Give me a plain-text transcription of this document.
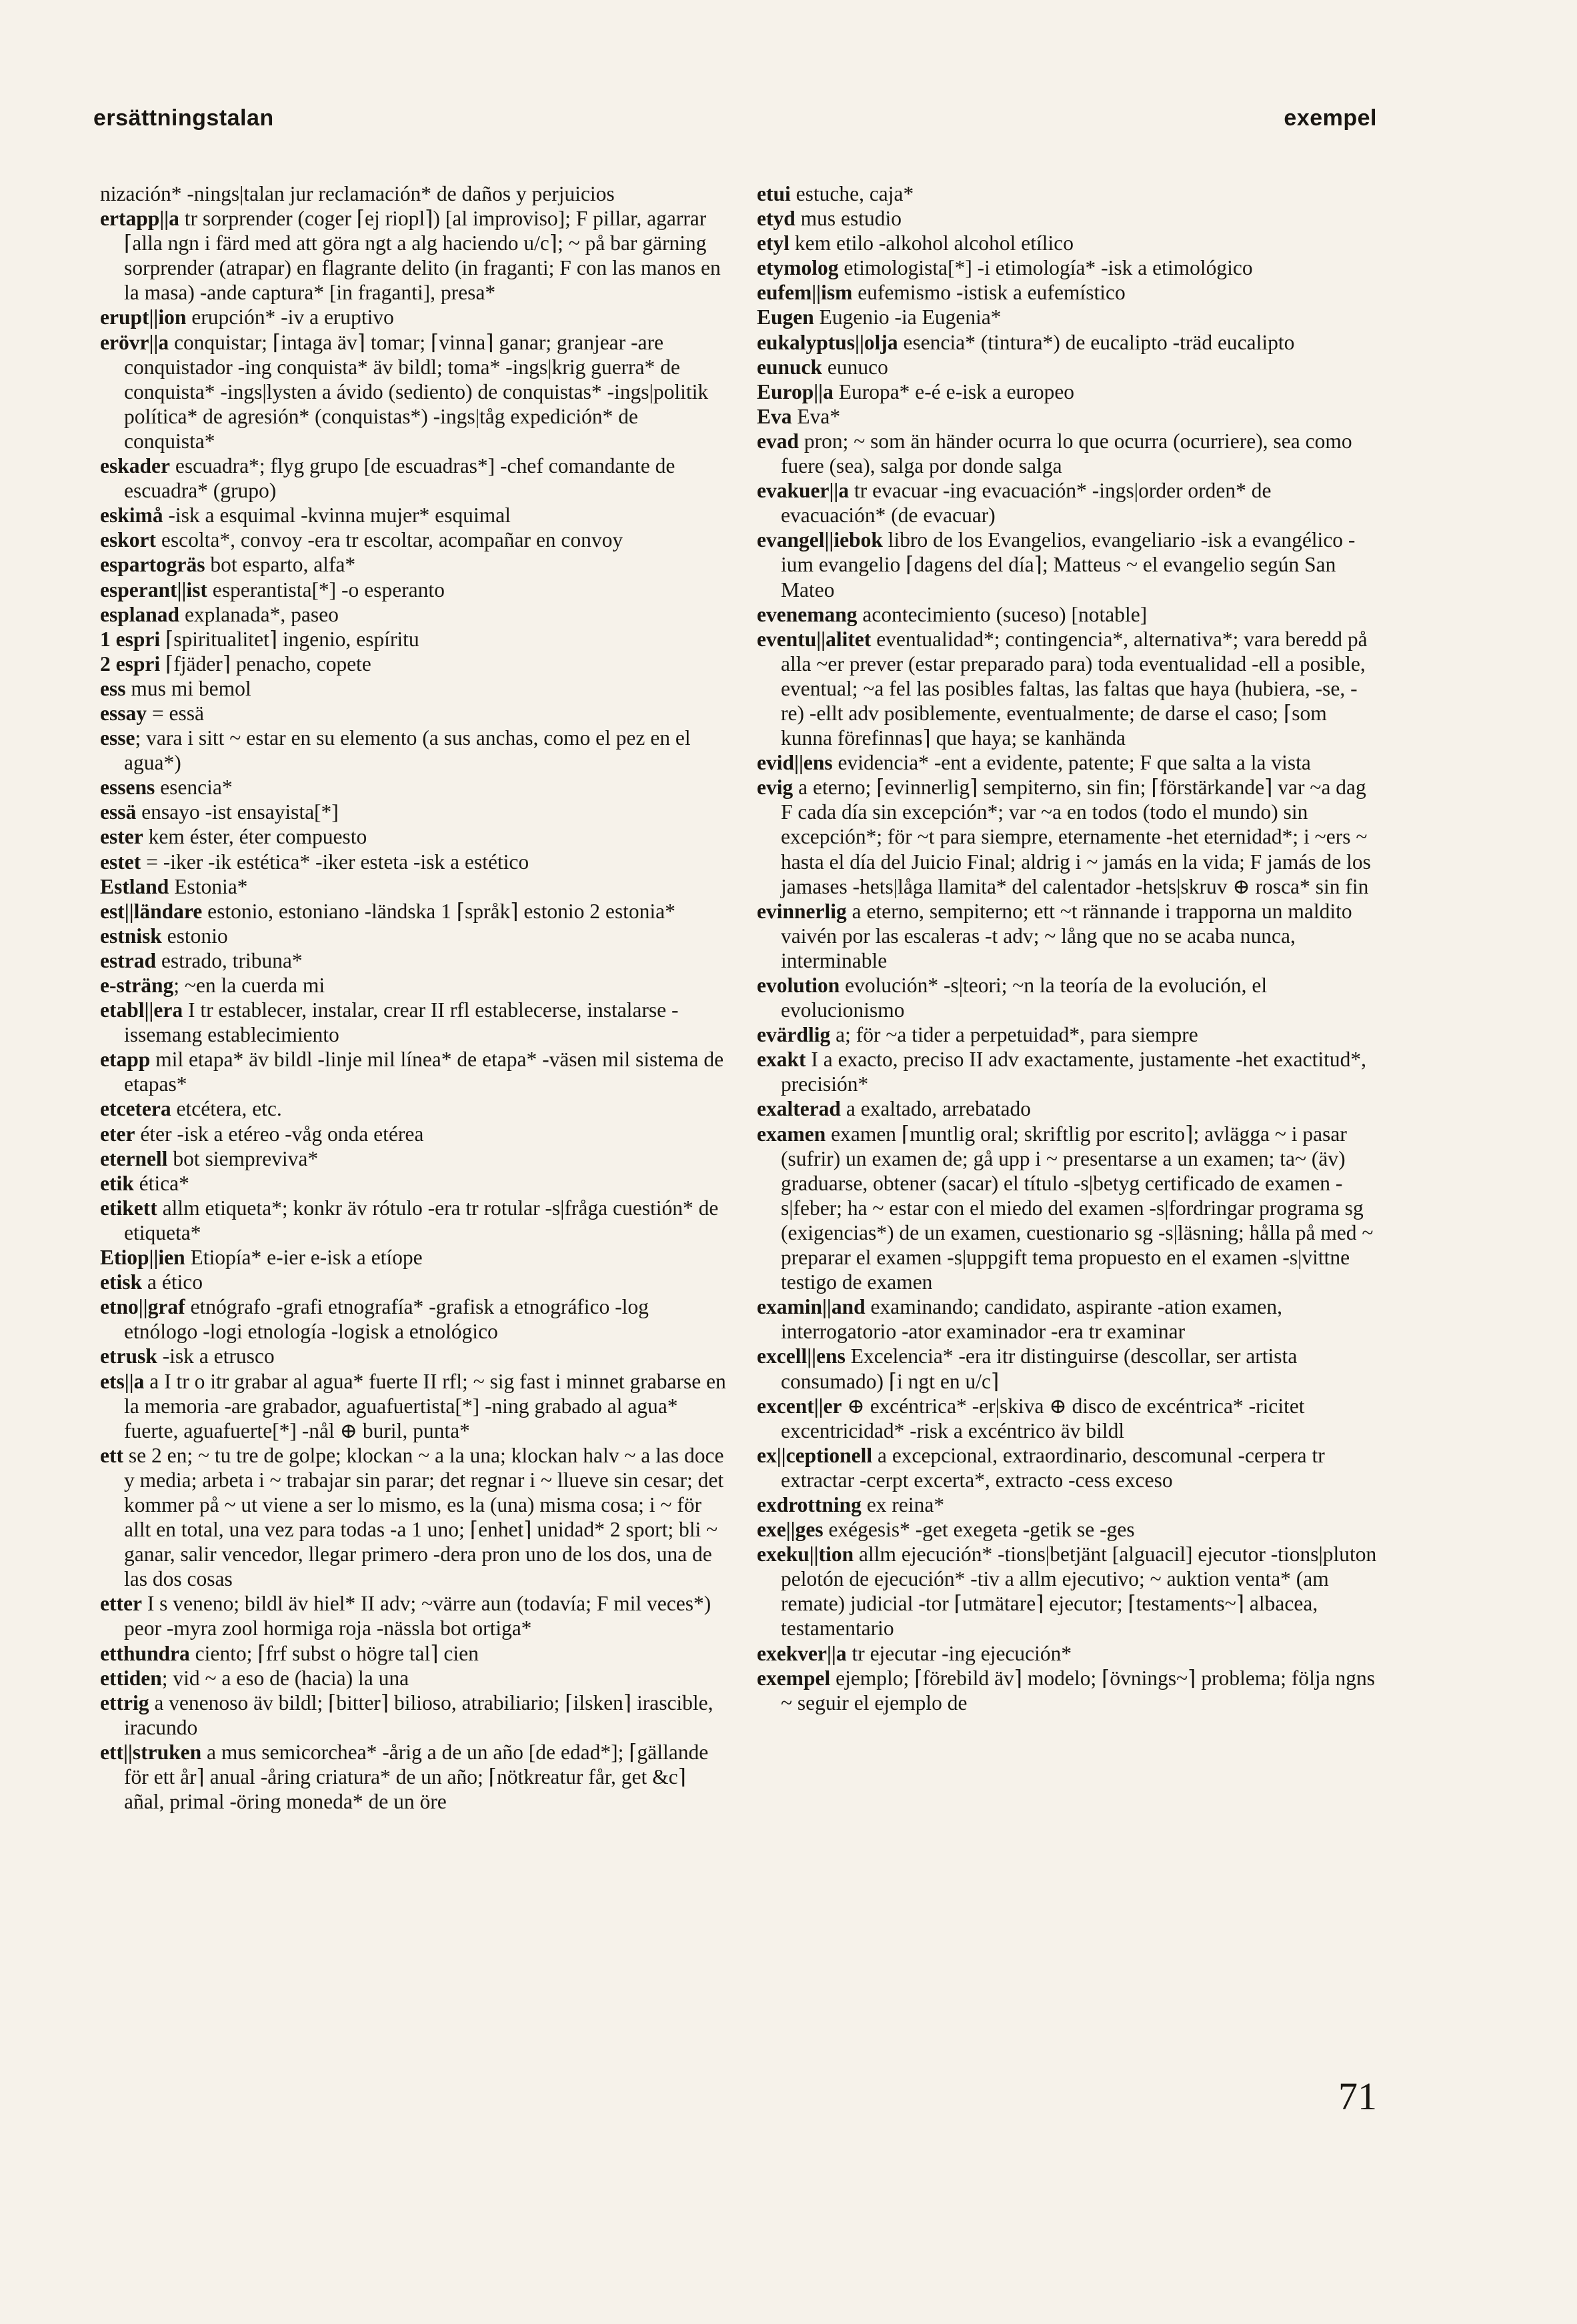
ersättningstalan	exempel

nización* -nings|talan jur reclamación* de daños y perjuicios

ertapp||a tr sorprender (coger ⌈ej riopl⌉) [al improviso]; F pillar, agarrar ⌈alla ngn i färd med att göra ngt a alg haciendo u/c⌉; ~ på bar gärning sorprender (atrapar) en flagrante delito (in fraganti; F con las manos en la masa) -ande captura* [in fraganti], presa*

erupt||ion erupción* -iv a eruptivo

erövr||a conquistar; ⌈intaga äv⌉ tomar; ⌈vinna⌉ ganar; granjear -are conquistador -ing conquista* äv bildl; toma* -ings|krig guerra* de conquista* -ings|lysten a ávido (sediento) de conquistas* -ings|politik política* de agresión* (conquistas*) -ings|tåg expedición* de conquista*

eskader escuadra*; flyg grupo [de escuadras*] -chef comandante de escuadra* (grupo)

eskimå -isk a esquimal -kvinna mujer* esquimal

eskort escolta*, convoy -era tr escoltar, acompañar en convoy

espartogräs bot esparto, alfa*

esperant||ist esperantista[*] -o esperanto

esplanad explanada*, paseo

1 espri ⌈spiritualitet⌉ ingenio, espíritu

2 espri ⌈fjäder⌉ penacho, copete

ess mus mi bemol

essay = essä

esse; vara i sitt ~ estar en su elemento (a sus anchas, como el pez en el agua*)

essens esencia*

essä ensayo -ist ensayista[*]

ester kem éster, éter compuesto

estet = -iker -ik estética* -iker esteta -isk a estético

Estland Estonia*

est||ländare estonio, estoniano -ländska 1 ⌈språk⌉ estonio 2 estonia*

estnisk estonio

estrad estrado, tribuna*

e-sträng; ~en la cuerda mi

etabl||era I tr establecer, instalar, crear II rfl establecerse, instalarse -issemang establecimiento

etapp mil etapa* äv bildl -linje mil línea* de etapa* -väsen mil sistema de etapas*

etcetera etcétera, etc.

eter éter -isk a etéreo -våg onda etérea

eternell bot siempreviva*

etik ética*

etikett allm etiqueta*; konkr äv rótulo -era tr rotular -s|fråga cuestión* de etiqueta*

Etiop||ien Etiopía* e-ier e-isk a etíope

etisk a ético

etno||graf etnógrafo -grafi etnografía* -grafisk a etnográfico -log etnólogo -logi etnología -logisk a etnológico

etrusk -isk a etrusco

ets||a a I tr o itr grabar al agua* fuerte II rfl; ~ sig fast i minnet grabarse en la memoria -are grabador, aguafuertista[*] -ning grabado al agua* fuerte, aguafuerte[*] -nål ⊕ buril, punta*

ett se 2 en; ~ tu tre de golpe; klockan ~ a la una; klockan halv ~ a las doce y media; arbeta i ~ trabajar sin parar; det regnar i ~ llueve sin cesar; det kommer på ~ ut viene a ser lo mismo, es la (una) misma cosa; i ~ för allt en total, una vez para todas -a 1 uno; ⌈enhet⌉ unidad* 2 sport; bli ~ ganar, salir vencedor, llegar primero -dera pron uno de los dos, una de las dos cosas

etter I s veneno; bildl äv hiel* II adv; ~värre aun (todavía; F mil veces*) peor -myra zool hormiga roja -nässla bot ortiga*

etthundra ciento; ⌈frf subst o högre tal⌉ cien

ettiden; vid ~ a eso de (hacia) la una

ettrig a venenoso äv bildl; ⌈bitter⌉ bilioso, atrabiliario; ⌈ilsken⌉ irascible, iracundo

ett||struken a mus semicorchea* -årig a de un año [de edad*]; ⌈gällande för ett år⌉ anual -åring criatura* de un año; ⌈nötkreatur får, get &c⌉ añal, primal -öring moneda* de un öre

etui estuche, caja*

etyd mus estudio

etyl kem etilo -alkohol alcohol etílico

etymolog etimologista[*] -i etimología* -isk a etimológico

eufem||ism eufemismo -istisk a eufemístico

Eugen Eugenio -ia Eugenia*

eukalyptus||olja esencia* (tintura*) de eucalipto -träd eucalipto

eunuck eunuco

Europ||a Europa* e-é e-isk a europeo

Eva Eva*

evad pron; ~ som än händer ocurra lo que ocurra (ocurriere), sea como fuere (sea), salga por donde salga

evakuer||a tr evacuar -ing evacuación* -ings|order orden* de evacuación* (de evacuar)

evangel||iebok libro de los Evangelios, evangeliario -isk a evangélico -ium evangelio ⌈dagens del día⌉; Matteus ~ el evangelio según San Mateo

evenemang acontecimiento (suceso) [notable]

eventu||alitet eventualidad*; contingencia*, alternativa*; vara beredd på alla ~er prever (estar preparado para) toda eventualidad -ell a posible, eventual; ~a fel las posibles faltas, las faltas que haya (hubiera, -se, -re) -ellt adv posiblemente, eventualmente; de darse el caso; ⌈som kunna förefinnas⌉ que haya; se kanhända

evid||ens evidencia* -ent a evidente, patente; F que salta a la vista

evig a eterno; ⌈evinnerlig⌉ sempiterno, sin fin; ⌈förstärkande⌉ var ~a dag F cada día sin excepción*; var ~a en todos (todo el mundo) sin excepción*; för ~t para siempre, eternamente -het eternidad*; i ~ers ~ hasta el día del Juicio Final; aldrig i ~ jamás en la vida; F jamás de los jamases -hets|låga llamita* del calentador -hets|skruv ⊕ rosca* sin fin

evinnerlig a eterno, sempiterno; ett ~t rännande i trapporna un maldito vaivén por las escaleras -t adv; ~ lång que no se acaba nunca, interminable

evolution evolución* -s|teori; ~n la teoría de la evolución, el evolucionismo

evärdlig a; för ~a tider a perpetuidad*, para siempre

exakt I a exacto, preciso II adv exactamente, justamente -het exactitud*, precisión*

exalterad a exaltado, arrebatado

examen examen ⌈muntlig oral; skriftlig por escrito⌉; avlägga ~ i pasar (sufrir) un examen de; gå upp i ~ presentarse a un examen; ta~ (äv) graduarse, obtener (sacar) el título -s|betyg certificado de examen -s|feber; ha ~ estar con el miedo del examen -s|fordringar programa sg (exigencias*) de un examen, cuestionario sg -s|läsning; hålla på med ~ preparar el examen -s|uppgift tema propuesto en el examen -s|vittne testigo de examen

examin||and examinando; candidato, aspirante -ation examen, interrogatorio -ator examinador -era tr examinar

excell||ens Excelencia* -era itr distinguirse (descollar, ser artista consumado) ⌈i ngt en u/c⌉

excent||er ⊕ excéntrica* -er|skiva ⊕ disco de excéntrica* -ricitet excentricidad* -risk a excéntrico äv bildl

ex||ceptionell a excepcional, extraordinario, descomunal -cerpera tr extractar -cerpt excerta*, extracto -cess exceso

exdrottning ex reina*

exe||ges exégesis* -get exegeta -getik se -ges

exeku||tion allm ejecución* -tions|betjänt [alguacil] ejecutor -tions|pluton pelotón de ejecución* -tiv a allm ejecutivo; ~ auktion venta* (am remate) judicial -tor ⌈utmätare⌉ ejecutor; ⌈testaments~⌉ albacea, testamentario

exekver||a tr ejecutar -ing ejecución*

exempel ejemplo; ⌈förebild äv⌉ modelo; ⌈övnings~⌉ problema; följa ngns ~ seguir el ejemplo de

71
